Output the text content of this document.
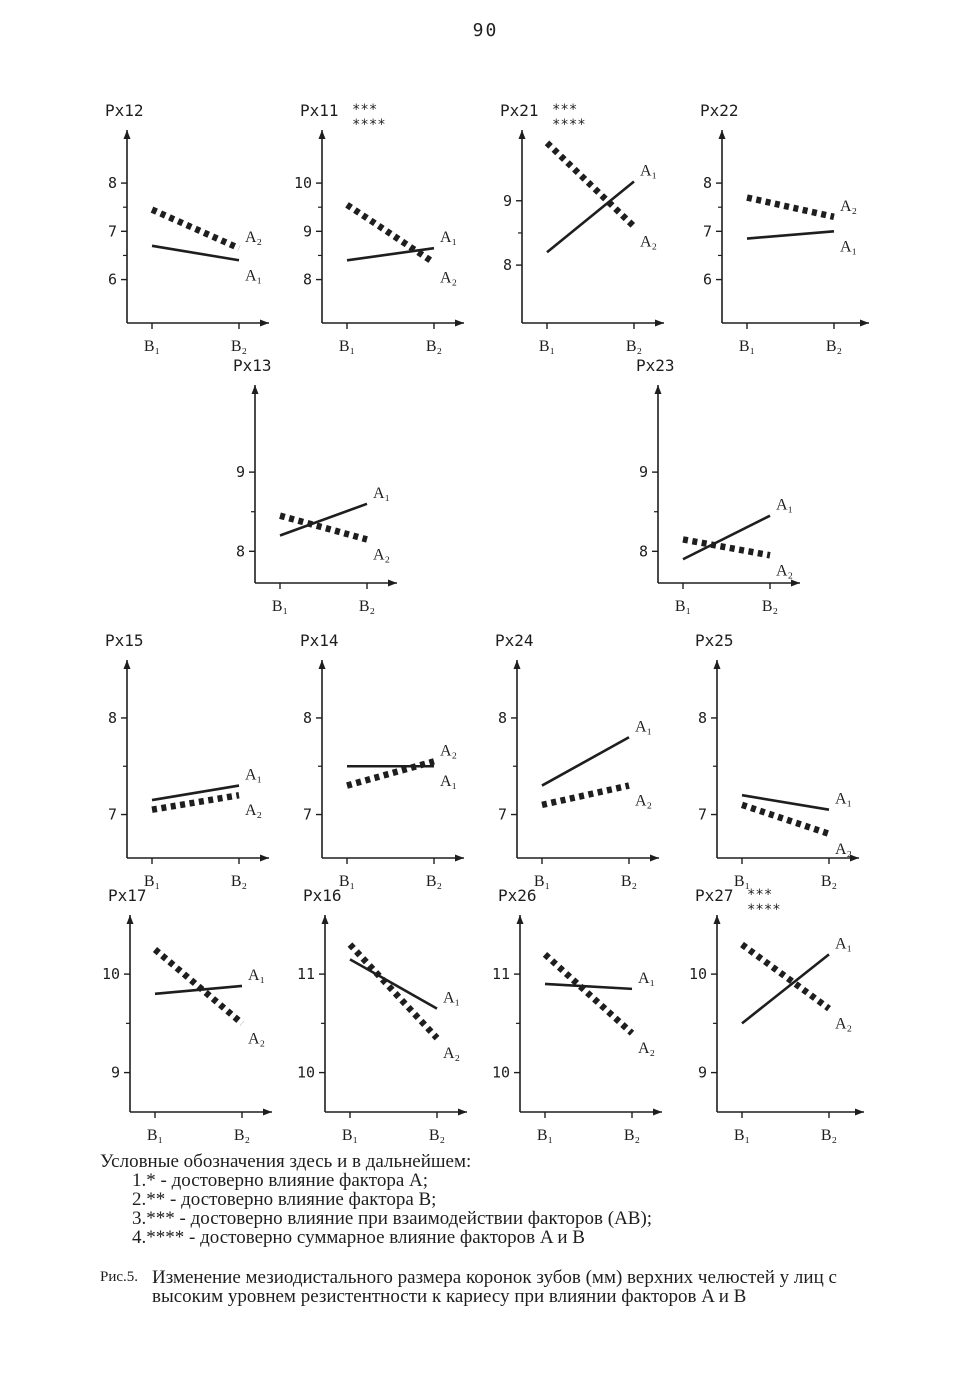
90
6
7
8
B₁	B₂
A₁
A₂
Px12
8
9
10
B₁	B₂
A₁
A₂
Px11 ***
****
8
9
B₁	B₂
A₁
A₂
Px21 ***
****
6
7
8
B₁	B₂
A₁
A₂
Px22
8
9
B₁	B₂
A₁
A₂
Px13
8
9
B₁	B₂
A₁
A₂
Px23
7
8
B₁	B₂
A₁
A₂
Px15
7
8
B₁	B₂
A₁
A₂
Px14
7
8
B₁	B₂
A₁
A₂
Px24
7
8
B₁	B₂
A₁
A₂
Px25
9
10
B₁	B₂
A₁
A₂
Px17
10
11
B₁	B₂
A₁
A₂
Px16
10
11
B₁	B₂
A₁
A₂
Px26
9
10
B₁	B₂
A₁
A₂
Px27 ***
****
Условные обозначения здесь и в дальнейшем:
1.* - достоверно влияние фактора A;
2.** - достоверно влияние фактора B;
3.*** - достоверно влияние при взаимодействии факторов (AB);
4.**** - достоверно суммарное влияние факторов A и B
Рис.5. Изменение мезиодистального размера коронок зубов (мм) верхних челюстей у лиц с высоким уровнем резистентности к кариесу при влиянии факторов A и B
